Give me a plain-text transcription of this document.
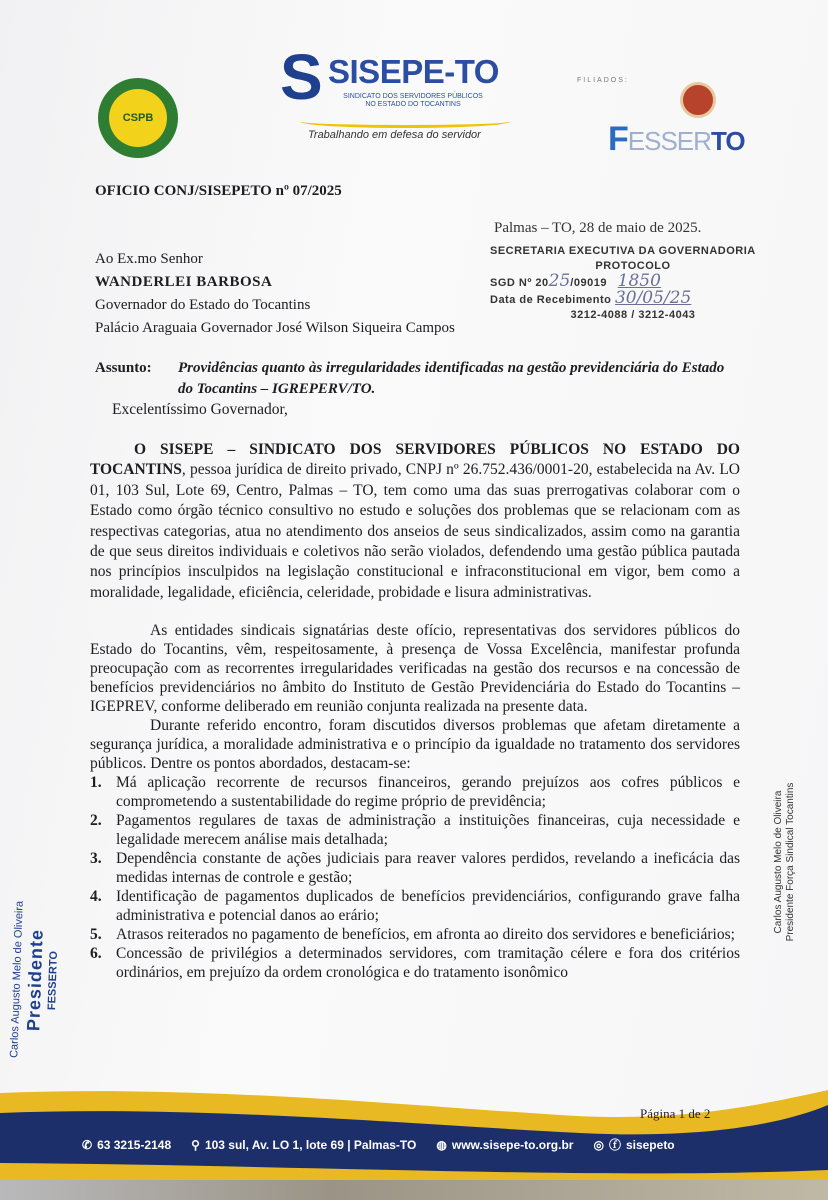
CSPB
S SISEPE-TO
SINDICATO DOS SERVIDORES PÚBLICOS NO ESTADO DO TOCANTINS
Trabalhando em defesa do servidor
FILIADOS:
FESSERTO
OFICIO CONJ/SISEPETO nº 07/2025
Palmas – TO, 28 de maio de 2025.
Ao Ex.mo Senhor
WANDERLEI BARBOSA
Governador do Estado do Tocantins
Palácio Araguaia Governador José Wilson Siqueira Campos
SECRETARIA EXECUTIVA DA GOVERNADORIA
PROTOCOLO
SGD Nº 2025/09019 1850
Data de Recebimento 30/05/25
3212-4088 / 3212-4043
Assunto: Providências quanto às irregularidades identificadas na gestão previdenciária do Estado do Tocantins – IGREPERV/TO.
Excelentíssimo Governador,
O SISEPE – SINDICATO DOS SERVIDORES PÚBLICOS NO ESTADO DO TOCANTINS, pessoa jurídica de direito privado, CNPJ nº 26.752.436/0001-20, estabelecida na Av. LO 01, 103 Sul, Lote 69, Centro, Palmas – TO, tem como uma das suas prerrogativas colaborar com o Estado como órgão técnico consultivo no estudo e soluções dos problemas que se relacionam com as respectivas categorias, atua no atendimento dos anseios de seus sindicalizados, assim como na garantia de que seus direitos individuais e coletivos não serão violados, defendendo uma gestão pública pautada nos princípios insculpidos na legislação constitucional e infraconstitucional em vigor, bem como a moralidade, legalidade, eficiência, celeridade, probidade e lisura administrativas.
As entidades sindicais signatárias deste ofício, representativas dos servidores públicos do Estado do Tocantins, vêm, respeitosamente, à presença de Vossa Excelência, manifestar profunda preocupação com as recorrentes irregularidades verificadas na gestão dos recursos e na concessão de benefícios previdenciários no âmbito do Instituto de Gestão Previdenciária do Estado do Tocantins – IGEPREV, conforme deliberado em reunião conjunta realizada na presente data.
Durante referido encontro, foram discutidos diversos problemas que afetam diretamente a segurança jurídica, a moralidade administrativa e o princípio da igualdade no tratamento dos servidores públicos. Dentre os pontos abordados, destacam-se:
1. Má aplicação recorrente de recursos financeiros, gerando prejuízos aos cofres públicos e comprometendo a sustentabilidade do regime próprio de previdência;
2. Pagamentos regulares de taxas de administração a instituições financeiras, cuja necessidade e legalidade merecem análise mais detalhada;
3. Dependência constante de ações judiciais para reaver valores perdidos, revelando a ineficácia das medidas internas de controle e gestão;
4. Identificação de pagamentos duplicados de benefícios previdenciários, configurando grave falha administrativa e potencial danos ao erário;
5. Atrasos reiterados no pagamento de benefícios, em afronta ao direito dos servidores e beneficiários;
6. Concessão de privilégios a determinados servidores, com tramitação célere e fora dos critérios ordinários, em prejuízo da ordem cronológica e do tratamento isonômico
Carlos Augusto Melo de Oliveira
Presidente FESSERTO
Carlos Augusto Melo de Oliveira Presidente Força Sindical Tocantins
Página 1 de 2
✆ 63 3215-2148 ⚲ 103 sul, Av. LO 1, lote 69 | Palmas-TO ◍ www.sisepe-to.org.br ◎ ⓕ sisepeto
